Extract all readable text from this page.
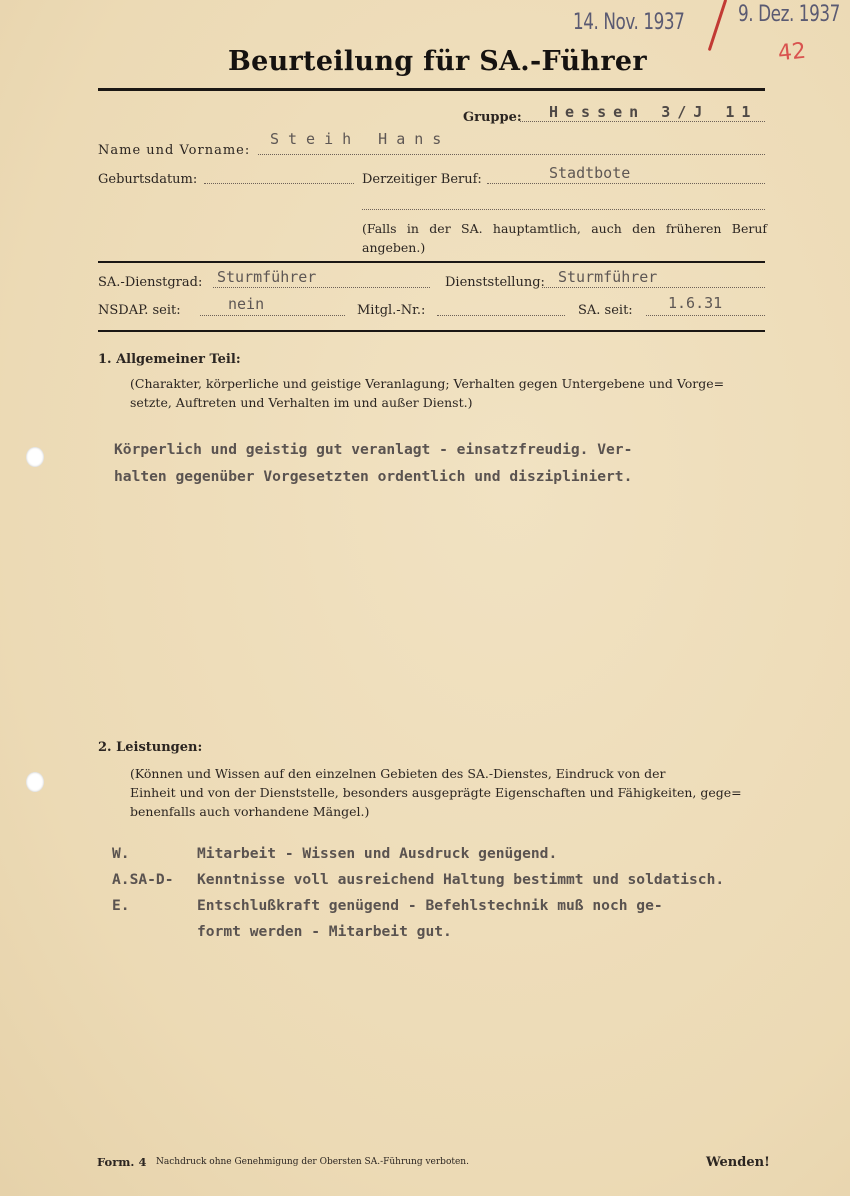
14. Nov. 1937 9. Dez. 1937
42
Beurteilung für SA.-Führer
Gruppe: Hessen 3/J 11
Name und Vorname:
Steih Hans
Geburtsdatum:	Derzeitiger Beruf:	Stadtbote
(Falls in der SA. hauptamtlich, auch den früheren Beruf angeben.)
SA.-Dienstgrad: Sturmführer	Dienststellung: Sturmführer
NSDAP. seit:	nein	Mitgl.-Nr.:	SA. seit: 1.6.31
1. Allgemeiner Teil:
(Charakter, körperliche und geistige Veranlagung; Verhalten gegen Untergebene und Vorge=
setzte, Auftreten und Verhalten im und außer Dienst.)
Körperlich und geistig gut veranlagt - einsatzfreudig. Ver-
halten gegenüber Vorgesetzten ordentlich und diszipliniert.
2. Leistungen:
(Können und Wissen auf den einzelnen Gebieten des SA.-Dienstes, Eindruck von der
Einheit und von der Dienststelle, besonders ausgeprägte Eigenschaften und Fähigkeiten, gege=
benenfalls auch vorhandene Mängel.)
W.	Mitarbeit - Wissen und Ausdruck genügend.
A.SA-D- Kenntnisse voll ausreichend Haltung bestimmt und soldatisch.
E.	Entschlußkraft genügend - Befehlstechnik muß noch ge-
formt werden - Mitarbeit gut.
Form. 4 Nachdruck ohne Genehmigung der Obersten SA.-Führung verboten.	Wenden!
